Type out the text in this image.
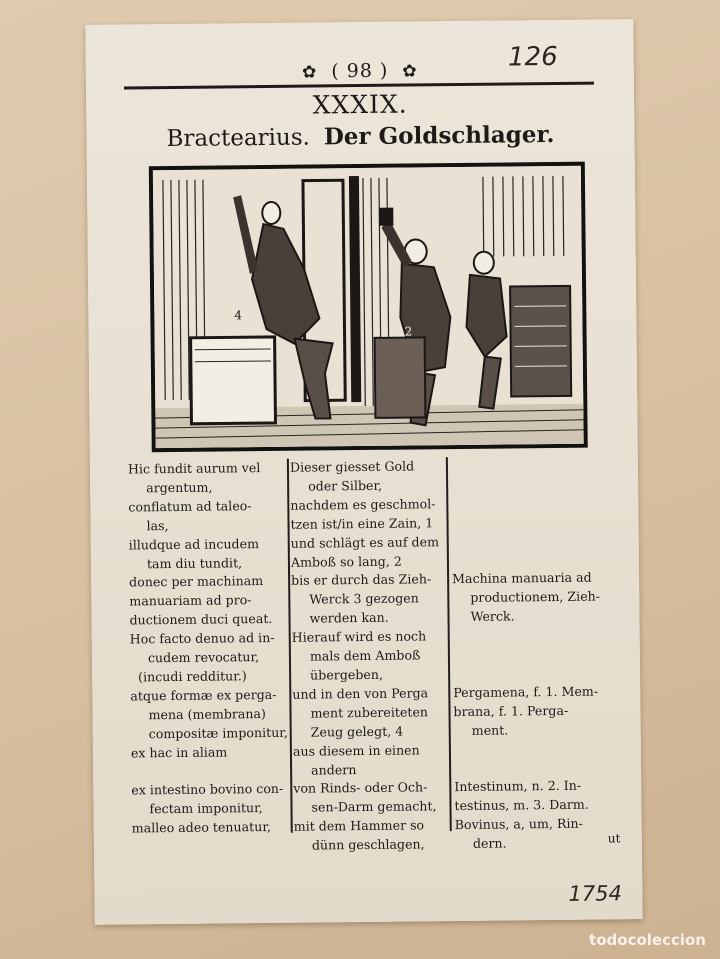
✿ ( 98 ) ✿	126
XXXIX.
Bractearius. Der Goldschlager.
4
2

Hic fundit aurum vel

argentum,

conflatum ad taleo-

las,

illudque ad incudem

tam diu tundit,

donec per machinam

manuariam ad pro-

ductionem duci queat.

Hoc facto denuo ad in-

cudem revocatur,

(incudi redditur.)

atque formæ ex perga-

mena (membrana)

compositæ imponitur,

ex hac in aliam

ex intestino bovino con-

fectam imponitur,

malleo adeo tenuatur,

Dieser giesset Gold

oder Silber,

nachdem es geschmol-

tzen ist/in eine Zain, 1

und schlägt es auf dem

Amboß so lang, 2

bis er durch das Zieh-

Werck 3 gezogen

werden kan.

Hierauf wird es noch

mals dem Amboß

übergeben,

und in den von Perga

ment zubereiteten

Zeug gelegt, 4

aus diesem in einen

andern

von Rinds- oder Och-

sen-Darm gemacht,

mit dem Hammer so

dünn geschlagen,

Machina manuaria ad

productionem, Zieh-

Werck.

Pergamena, f. 1. Mem-

brana, f. 1. Perga-

ment.

Intestinum, n. 2. In-

testinus, m. 3. Darm.

Bovinus, a, um, Rin-

dern.	ut
1754
todocoleccion
